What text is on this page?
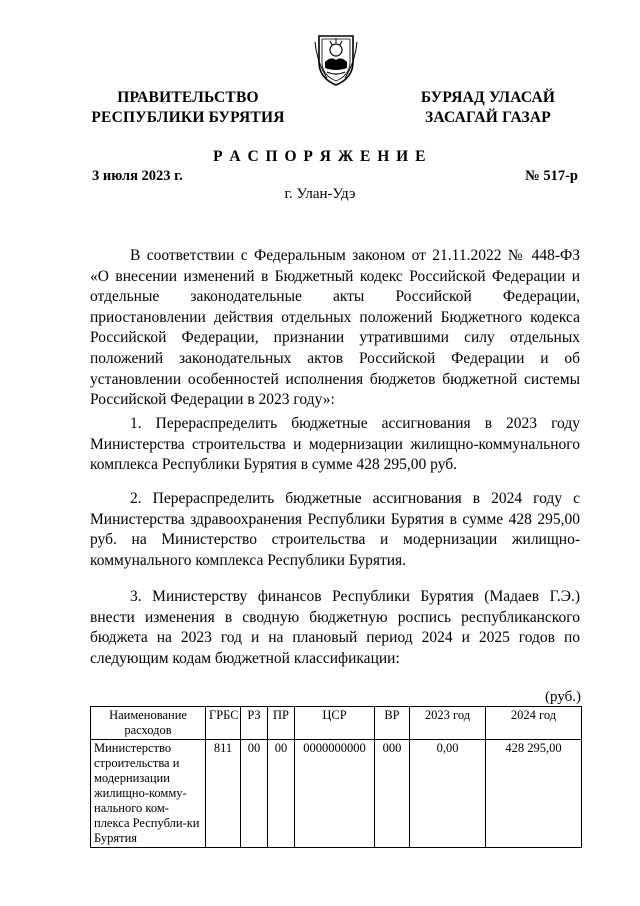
ПРАВИТЕЛЬСТВО
РЕСПУБЛИКИ БУРЯТИЯ
БУРЯАД УЛАСАЙ
ЗАСАГАЙ ГАЗАР
Р А С П О Р Я Ж Е Н И Е
3 июля 2023 г.	№ 517-р
г. Улан-Удэ
В соответствии с Федеральным законом от 21.11.2022 № 448-ФЗ «О внесении изменений в Бюджетный кодекс Российской Федерации и отдельные законодательные акты Российской Федерации, приостановлении действия отдельных положений Бюджетного кодекса Российской Федерации, признании утратившими силу отдельных положений законодательных актов Российской Федерации и об установлении особенностей исполнения бюджетов бюджетной системы Российской Федерации в 2023 году»:
1. Перераспределить бюджетные ассигнования в 2023 году Министерства строительства и модернизации жилищно-коммунального комплекса Республики Бурятия в сумме 428 295,00 руб.
2. Перераспределить бюджетные ассигнования в 2024 году с Министерства здравоохранения Республики Бурятия в сумме 428 295,00 руб. на Министерство строительства и модернизации жилищно-коммунального комплекса Республики Бурятия.
3. Министерству финансов Республики Бурятия (Мадаев Г.Э.) внести изменения в сводную бюджетную роспись республиканского бюджета на 2023 год и на плановый период 2024 и 2025 годов по следующим кодам бюджетной классификации:
(руб.)
Наименование расходов	ГРБС	РЗ	ПР	ЦСР	ВР	2023 год	2024 год
Министерство строительства и модернизации жилищно-комму-нального ком-плекса Республи-ки Бурятия	811	00	00	0000000000	000	0,00	428 295,00
